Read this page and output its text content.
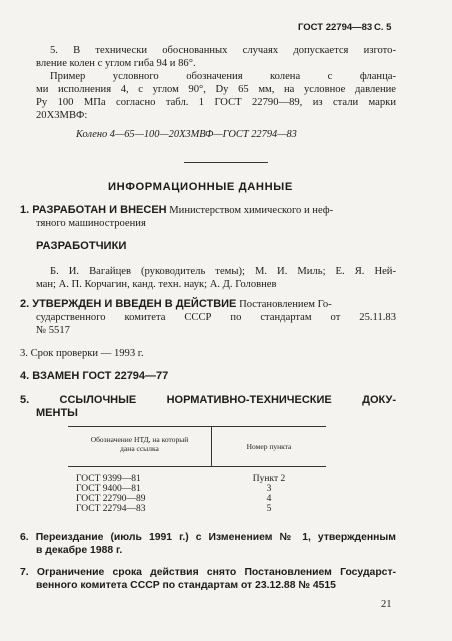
ГОСТ 22794—83 С. 5
5. В технически обоснованных случаях допускается изгото-
вление колен с углом гиба 94 и 86°.
Пример условного обозначения колена с фланца-
ми исполнения 4, с углом 90°, Dу 65 мм, на условное давление
Pу 100 МПа согласно табл. 1 ГОСТ 22790—89, из стали марки
20Х3МВФ:
Колено 4—65—100—20Х3МВФ—ГОСТ 22794—83
ИНФОРМАЦИОННЫЕ ДАННЫЕ
1. РАЗРАБОТАН И ВНЕСЕН Министерством химического и неф-
тяного машиностроения
РАЗРАБОТЧИКИ
Б. И. Вагайцев (руководитель темы); М. И. Миль; Е. Я. Ней-
ман; А. П. Корчагин, канд. техн. наук; А. Д. Головнев
2. УТВЕРЖДЕН И ВВЕДЕН В ДЕЙСТВИЕ Постановлением Го-
сударственного комитета СССР по стандартам от 25.11.83
№ 5517
3. Срок проверки — 1993 г.
4. ВЗАМЕН ГОСТ 22794—77
5. ССЫЛОЧНЫЕ НОРМАТИВНО-ТЕХНИЧЕСКИЕ ДОКУ-
МЕНТЫ
Обозначение НТД, на который
дана ссылка	Номер пункта
ГОСТ 9399—81
ГОСТ 9400—81
ГОСТ 22790—89
ГОСТ 22794—83
Пункт 2
3
4
5
6. Переиздание (июль 1991 г.) с Изменением № 1, утвержденным
в декабре 1988 г.
7. Ограничение срока действия снято Постановлением Государст-
венного комитета СССР по стандартам от 23.12.88 № 4515
21
